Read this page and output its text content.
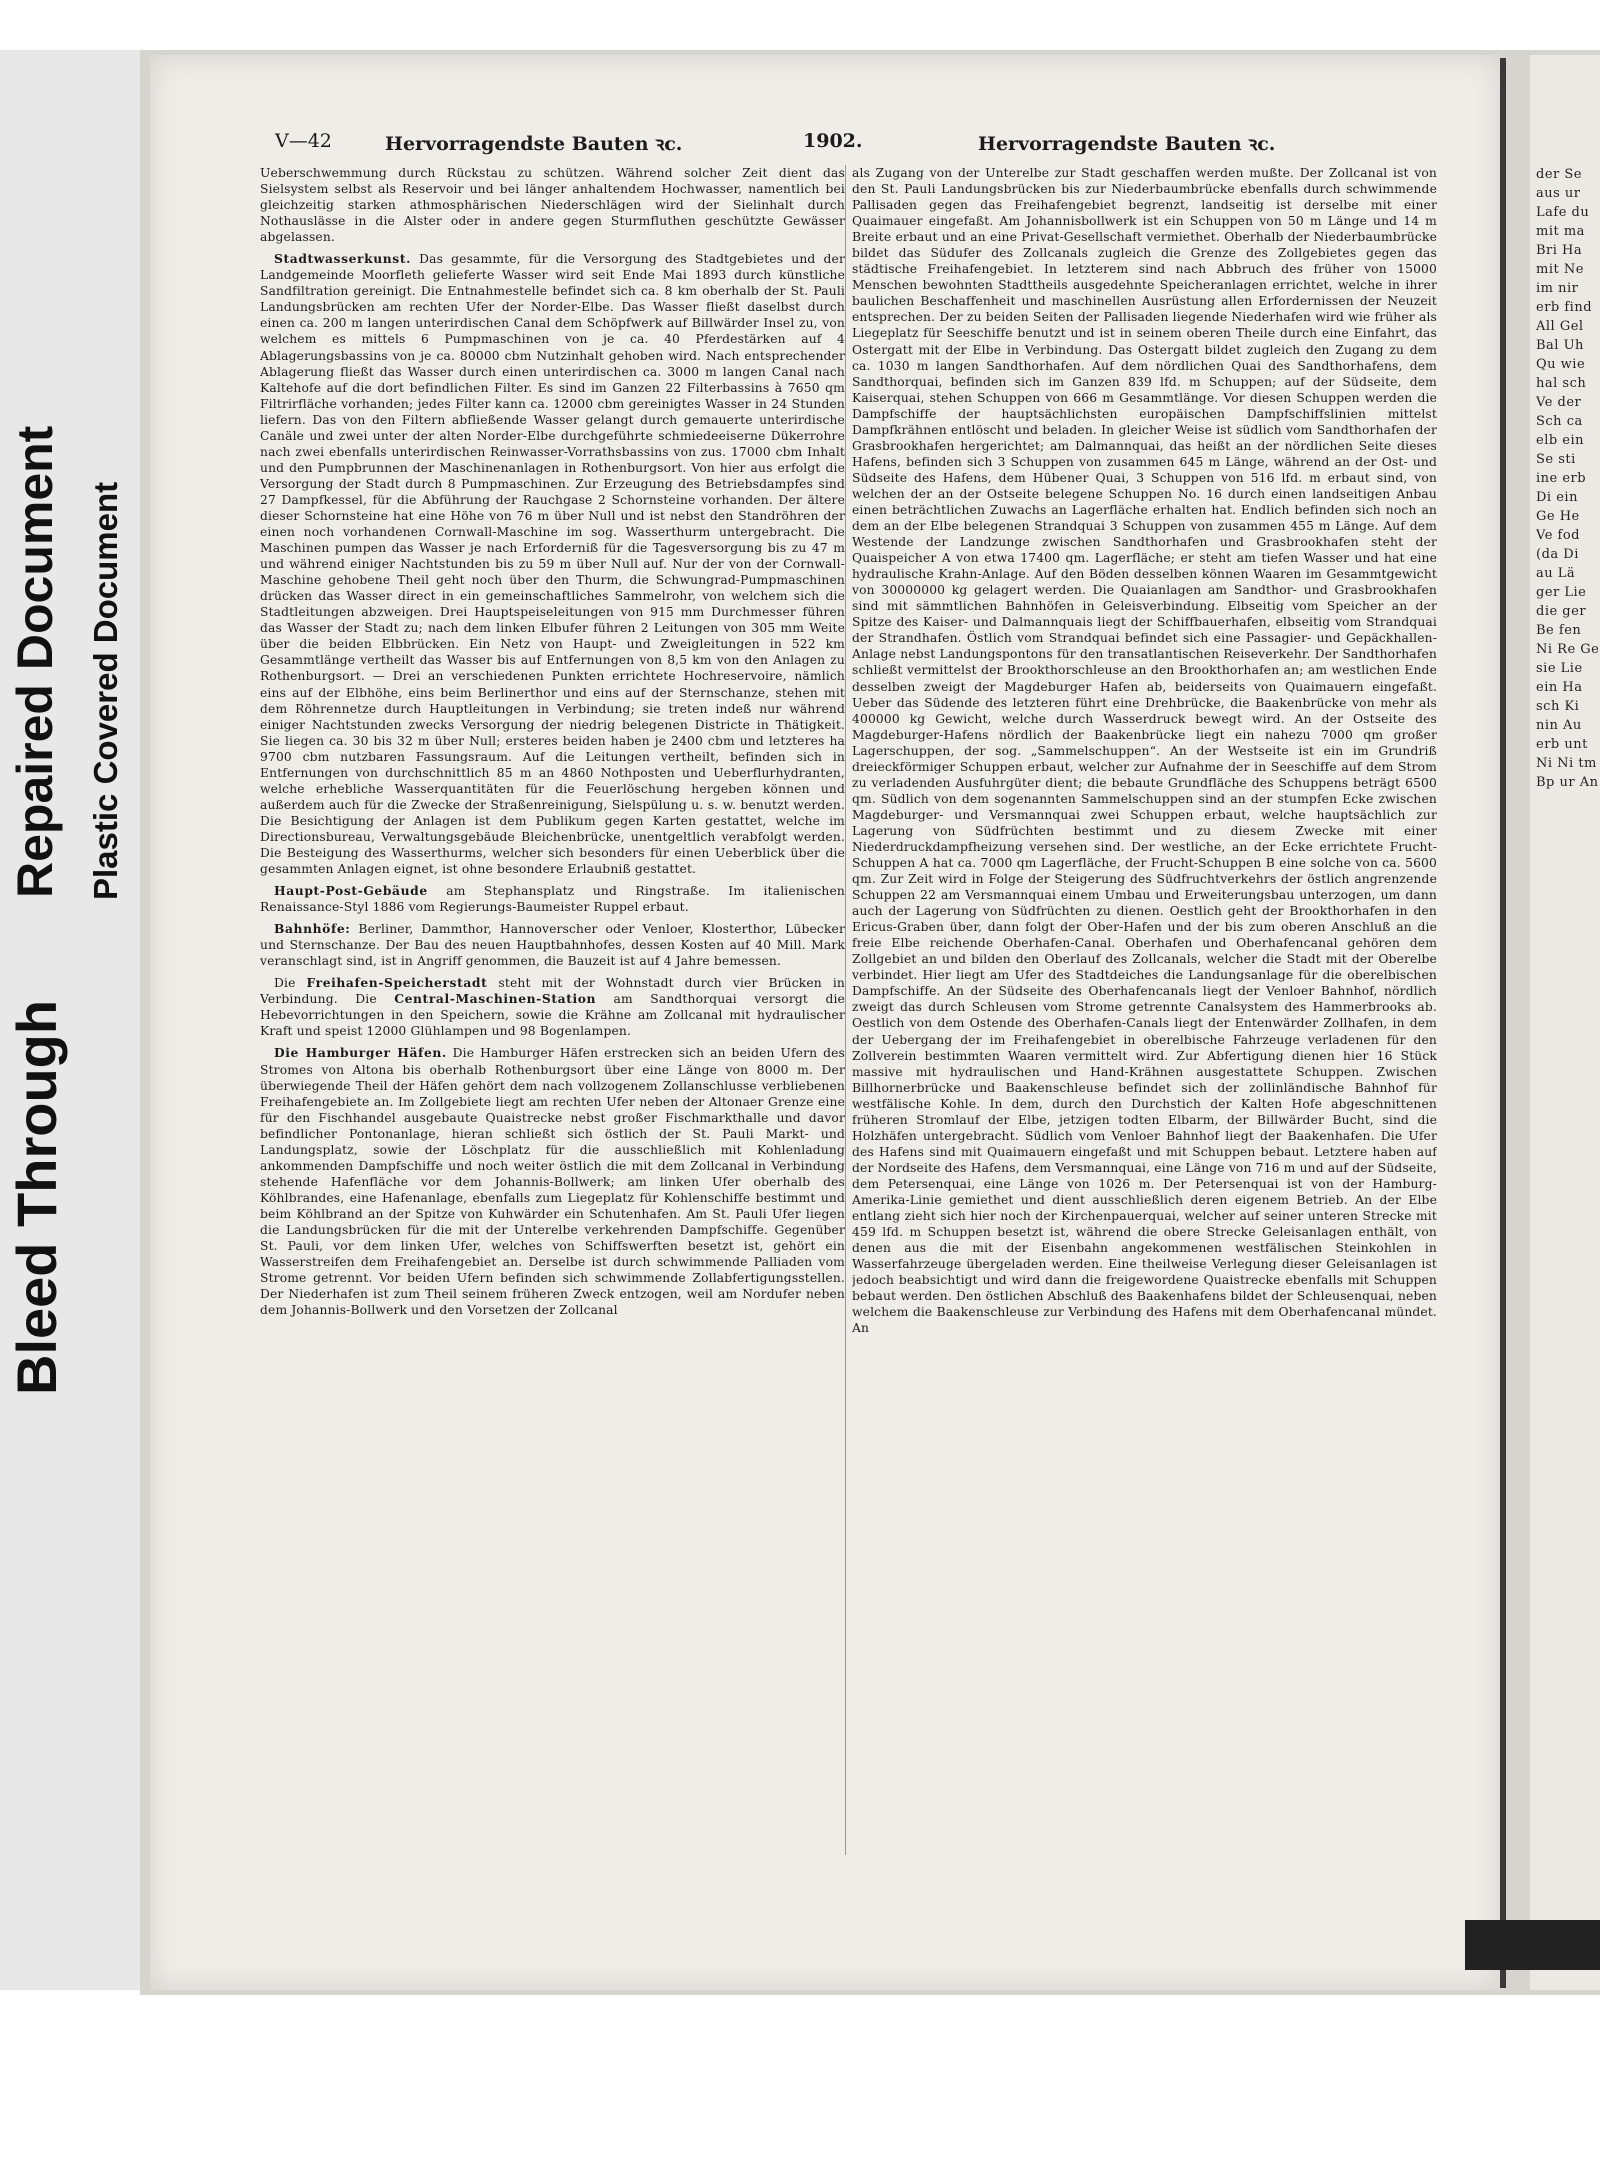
Bleed Through
Repaired Document Plastic Covered Document
der Se aus ur Lafe du mit ma Bri Ha mit Ne im nir erb find All Gel Bal Uh Qu wie hal sch Ve der Sch ca elb ein Se sti ine erb Di ein Ge He Ve fod (da Di au Lä ger Lie die ger Be fen Ni Re Ge sie Lie ein Ha sch Ki nin Au erb unt Ni Ni tm Bp ur An
V—42	Hervorragendste Bauten ꝛc.	1902.	Hervorragendste Bauten ꝛc.

Ueberschwemmung durch Rückstau zu schützen. Während solcher Zeit dient das Sielsystem selbst als Reservoir und bei länger anhaltendem Hochwasser, namentlich bei gleichzeitig starken athmosphärischen Niederschlägen wird der Sielinhalt durch Nothauslässe in die Alster oder in andere gegen Sturmfluthen geschützte Gewässer abgelassen.

Stadtwasserkunst. Das gesammte, für die Versorgung des Stadtgebietes und der Landgemeinde Moorfleth gelieferte Wasser wird seit Ende Mai 1893 durch künstliche Sandfiltration gereinigt. Die Entnahmestelle befindet sich ca. 8 km oberhalb der St. Pauli Landungsbrücken am rechten Ufer der Norder-Elbe. Das Wasser fließt daselbst durch einen ca. 200 m langen unterirdischen Canal dem Schöpfwerk auf Billwärder Insel zu, von welchem es mittels 6 Pumpmaschinen von je ca. 40 Pferdestärken auf 4 Ablagerungsbassins von je ca. 80000 cbm Nutzinhalt gehoben wird. Nach entsprechender Ablagerung fließt das Wasser durch einen unterirdischen ca. 3000 m langen Canal nach Kaltehofe auf die dort befindlichen Filter. Es sind im Ganzen 22 Filterbassins à 7650 qm Filtrirfläche vorhanden; jedes Filter kann ca. 12000 cbm gereinigtes Wasser in 24 Stunden liefern. Das von den Filtern abfließende Wasser gelangt durch gemauerte unterirdische Canäle und zwei unter der alten Norder-Elbe durchgeführte schmiedeeiserne Dükerrohre nach zwei ebenfalls unterirdischen Reinwasser-Vorrathsbassins von zus. 17000 cbm Inhalt und den Pumpbrunnen der Maschinenanlagen in Rothenburgsort. Von hier aus erfolgt die Versorgung der Stadt durch 8 Pumpmaschinen. Zur Erzeugung des Betriebsdampfes sind 27 Dampfkessel, für die Abführung der Rauchgase 2 Schornsteine vorhanden. Der ältere dieser Schornsteine hat eine Höhe von 76 m über Null und ist nebst den Standröhren der einen noch vorhandenen Cornwall-Maschine im sog. Wasserthurm untergebracht. Die Maschinen pumpen das Wasser je nach Erforderniß für die Tagesversorgung bis zu 47 m und während einiger Nachtstunden bis zu 59 m über Null auf. Nur der von der Cornwall-Maschine gehobene Theil geht noch über den Thurm, die Schwungrad-Pumpmaschinen drücken das Wasser direct in ein gemeinschaftliches Sammelrohr, von welchem sich die Stadtleitungen abzweigen. Drei Hauptspeiseleitungen von 915 mm Durchmesser führen das Wasser der Stadt zu; nach dem linken Elbufer führen 2 Leitungen von 305 mm Weite über die beiden Elbbrücken. Ein Netz von Haupt- und Zweigleitungen in 522 km Gesammtlänge vertheilt das Wasser bis auf Entfernungen von 8,5 km von den Anlagen zu Rothenburgsort. — Drei an verschiedenen Punkten errichtete Hochreservoire, nämlich eins auf der Elbhöhe, eins beim Berlinerthor und eins auf der Sternschanze, stehen mit dem Röhrennetze durch Hauptleitungen in Verbindung; sie treten indeß nur während einiger Nachtstunden zwecks Versorgung der niedrig belegenen Districte in Thätigkeit. Sie liegen ca. 30 bis 32 m über Null; ersteres beiden haben je 2400 cbm und letzteres ha 9700 cbm nutzbaren Fassungsraum. Auf die Leitungen vertheilt, befinden sich in Entfernungen von durchschnittlich 85 m an 4860 Nothposten und Ueberflurhydranten, welche erhebliche Wasserquantitäten für die Feuerlöschung hergeben können und außerdem auch für die Zwecke der Straßenreinigung, Sielspülung u. s. w. benutzt werden. Die Besichtigung der Anlagen ist dem Publikum gegen Karten gestattet, welche im Directionsbureau, Verwaltungsgebäude Bleichenbrücke, unentgeltlich verabfolgt werden. Die Besteigung des Wasserthurms, welcher sich besonders für einen Ueberblick über die gesammten Anlagen eignet, ist ohne besondere Erlaubniß gestattet.

Haupt-Post-Gebäude am Stephansplatz und Ringstraße. Im italienischen Renaissance-Styl 1886 vom Regierungs-Baumeister Ruppel erbaut.

Bahnhöfe: Berliner, Dammthor, Hannoverscher oder Venloer, Klosterthor, Lübecker und Sternschanze. Der Bau des neuen Hauptbahnhofes, dessen Kosten auf 40 Mill. Mark veranschlagt sind, ist in Angriff genommen, die Bauzeit ist auf 4 Jahre bemessen.

Die Freihafen-Speicherstadt steht mit der Wohnstadt durch vier Brücken in Verbindung. Die Central-Maschinen-Station am Sandthorquai versorgt die Hebevorrichtungen in den Speichern, sowie die Krähne am Zollcanal mit hydraulischer Kraft und speist 12000 Glühlampen und 98 Bogenlampen.

Die Hamburger Häfen. Die Hamburger Häfen erstrecken sich an beiden Ufern des Stromes von Altona bis oberhalb Rothenburgsort über eine Länge von 8000 m. Der überwiegende Theil der Häfen gehört dem nach vollzogenem Zollanschlusse verbliebenen Freihafengebiete an. Im Zollgebiete liegt am rechten Ufer neben der Altonaer Grenze eine für den Fischhandel ausgebaute Quaistrecke nebst großer Fischmarkthalle und davor befindlicher Pontonanlage, hieran schließt sich östlich der St. Pauli Markt- und Landungsplatz, sowie der Löschplatz für die ausschließlich mit Kohlenladung ankommenden Dampfschiffe und noch weiter östlich die mit dem Zollcanal in Verbindung stehende Hafenfläche vor dem Johannis-Bollwerk; am linken Ufer oberhalb des Köhlbrandes, eine Hafenanlage, ebenfalls zum Liegeplatz für Kohlenschiffe bestimmt und beim Köhlbrand an der Spitze von Kuhwärder ein Schutenhafen. Am St. Pauli Ufer liegen die Landungsbrücken für die mit der Unterelbe verkehrenden Dampfschiffe. Gegenüber St. Pauli, vor dem linken Ufer, welches von Schiffswerften besetzt ist, gehört ein Wasserstreifen dem Freihafengebiet an. Derselbe ist durch schwimmende Palliaden vom Strome getrennt. Vor beiden Ufern befinden sich schwimmende Zollabfertigungsstellen. Der Niederhafen ist zum Theil seinem früheren Zweck entzogen, weil am Nordufer neben dem Johannis-Bollwerk und den Vorsetzen der Zollcanal

als Zugang von der Unterelbe zur Stadt geschaffen werden mußte. Der Zollcanal ist von den St. Pauli Landungsbrücken bis zur Niederbaumbrücke ebenfalls durch schwimmende Pallisaden gegen das Freihafengebiet begrenzt, landseitig ist derselbe mit einer Quaimauer eingefaßt. Am Johannisbollwerk ist ein Schuppen von 50 m Länge und 14 m Breite erbaut und an eine Privat-Gesellschaft vermiethet. Oberhalb der Niederbaumbrücke bildet das Südufer des Zollcanals zugleich die Grenze des Zollgebietes gegen das städtische Freihafengebiet. In letzterem sind nach Abbruch des früher von 15000 Menschen bewohnten Stadttheils ausgedehnte Speicheranlagen errichtet, welche in ihrer baulichen Beschaffenheit und maschinellen Ausrüstung allen Erfordernissen der Neuzeit entsprechen. Der zu beiden Seiten der Pallisaden liegende Niederhafen wird wie früher als Liegeplatz für Seeschiffe benutzt und ist in seinem oberen Theile durch eine Einfahrt, das Ostergatt mit der Elbe in Verbindung. Das Ostergatt bildet zugleich den Zugang zu dem ca. 1030 m langen Sandthorhafen. Auf dem nördlichen Quai des Sandthorhafens, dem Sandthorquai, befinden sich im Ganzen 839 lfd. m Schuppen; auf der Südseite, dem Kaiserquai, stehen Schuppen von 666 m Gesammtlänge. Vor diesen Schuppen werden die Dampfschiffe der hauptsächlichsten europäischen Dampfschiffslinien mittelst Dampfkrähnen entlöscht und beladen. In gleicher Weise ist südlich vom Sandthorhafen der Grasbrookhafen hergerichtet; am Dalmannquai, das heißt an der nördlichen Seite dieses Hafens, befinden sich 3 Schuppen von zusammen 645 m Länge, während an der Ost- und Südseite des Hafens, dem Hübener Quai, 3 Schuppen von 516 lfd. m erbaut sind, von welchen der an der Ostseite belegene Schuppen No. 16 durch einen landseitigen Anbau einen beträchtlichen Zuwachs an Lagerfläche erhalten hat. Endlich befinden sich noch an dem an der Elbe belegenen Strandquai 3 Schuppen von zusammen 455 m Länge. Auf dem Westende der Landzunge zwischen Sandthorhafen und Grasbrookhafen steht der Quaispeicher A von etwa 17400 qm. Lagerfläche; er steht am tiefen Wasser und hat eine hydraulische Krahn-Anlage. Auf den Böden desselben können Waaren im Gesammtgewicht von 30000000 kg gelagert werden. Die Quaianlagen am Sandthor- und Grasbrookhafen sind mit sämmtlichen Bahnhöfen in Geleisverbindung. Elbseitig vom Speicher an der Spitze des Kaiser- und Dalmannquais liegt der Schiffbauerhafen, elbseitig vom Strandquai der Strandhafen. Östlich vom Strandquai befindet sich eine Passagier- und Gepäckhallen-Anlage nebst Landungspontons für den transatlantischen Reiseverkehr. Der Sandthorhafen schließt vermittelst der Brookthorschleuse an den Brookthorhafen an; am westlichen Ende desselben zweigt der Magdeburger Hafen ab, beiderseits von Quaimauern eingefaßt. Ueber das Südende des letzteren führt eine Drehbrücke, die Baakenbrücke von mehr als 400000 kg Gewicht, welche durch Wasserdruck bewegt wird. An der Ostseite des Magdeburger-Hafens nördlich der Baakenbrücke liegt ein nahezu 7000 qm großer Lagerschuppen, der sog. „Sammelschuppen“. An der Westseite ist ein im Grundriß dreieckförmiger Schuppen erbaut, welcher zur Aufnahme der in Seeschiffe auf dem Strom zu verladenden Ausfuhrgüter dient; die bebaute Grundfläche des Schuppens beträgt 6500 qm. Südlich von dem sogenannten Sammelschuppen sind an der stumpfen Ecke zwischen Magdeburger- und Versmannquai zwei Schuppen erbaut, welche hauptsächlich zur Lagerung von Südfrüchten bestimmt und zu diesem Zwecke mit einer Niederdruckdampfheizung versehen sind. Der westliche, an der Ecke errichtete Frucht-Schuppen A hat ca. 7000 qm Lagerfläche, der Frucht-Schuppen B eine solche von ca. 5600 qm. Zur Zeit wird in Folge der Steigerung des Südfruchtverkehrs der östlich angrenzende Schuppen 22 am Versmannquai einem Umbau und Erweiterungsbau unterzogen, um dann auch der Lagerung von Südfrüchten zu dienen. Oestlich geht der Brookthorhafen in den Ericus-Graben über, dann folgt der Ober-Hafen und der bis zum oberen Anschluß an die freie Elbe reichende Oberhafen-Canal. Oberhafen und Oberhafencanal gehören dem Zollgebiet an und bilden den Oberlauf des Zollcanals, welcher die Stadt mit der Oberelbe verbindet. Hier liegt am Ufer des Stadtdeiches die Landungsanlage für die oberelbischen Dampfschiffe. An der Südseite des Oberhafencanals liegt der Venloer Bahnhof, nördlich zweigt das durch Schleusen vom Strome getrennte Canalsystem des Hammerbrooks ab. Oestlich von dem Ostende des Oberhafen-Canals liegt der Entenwärder Zollhafen, in dem der Uebergang der im Freihafengebiet in oberelbische Fahrzeuge verladenen für den Zollverein bestimmten Waaren vermittelt wird. Zur Abfertigung dienen hier 16 Stück massive mit hydraulischen und Hand-Krähnen ausgestattete Schuppen. Zwischen Billhornerbrücke und Baakenschleuse befindet sich der zollinländische Bahnhof für westfälische Kohle. In dem, durch den Durchstich der Kalten Hofe abgeschnittenen früheren Stromlauf der Elbe, jetzigen todten Elbarm, der Billwärder Bucht, sind die Holzhäfen untergebracht. Südlich vom Venloer Bahnhof liegt der Baakenhafen. Die Ufer des Hafens sind mit Quaimauern eingefaßt und mit Schuppen bebaut. Letztere haben auf der Nordseite des Hafens, dem Versmannquai, eine Länge von 716 m und auf der Südseite, dem Petersenquai, eine Länge von 1026 m. Der Petersenquai ist von der Hamburg-Amerika-Linie gemiethet und dient ausschließlich deren eigenem Betrieb. An der Elbe entlang zieht sich hier noch der Kirchenpauerquai, welcher auf seiner unteren Strecke mit 459 lfd. m Schuppen besetzt ist, während die obere Strecke Geleisanlagen enthält, von denen aus die mit der Eisenbahn angekommenen westfälischen Steinkohlen in Wasserfahrzeuge übergeladen werden. Eine theilweise Verlegung dieser Geleisanlagen ist jedoch beabsichtigt und wird dann die freigewordene Quaistrecke ebenfalls mit Schuppen bebaut werden. Den östlichen Abschluß des Baakenhafens bildet der Schleusenquai, neben welchem die Baakenschleuse zur Verbindung des Hafens mit dem Oberhafencanal mündet. An
